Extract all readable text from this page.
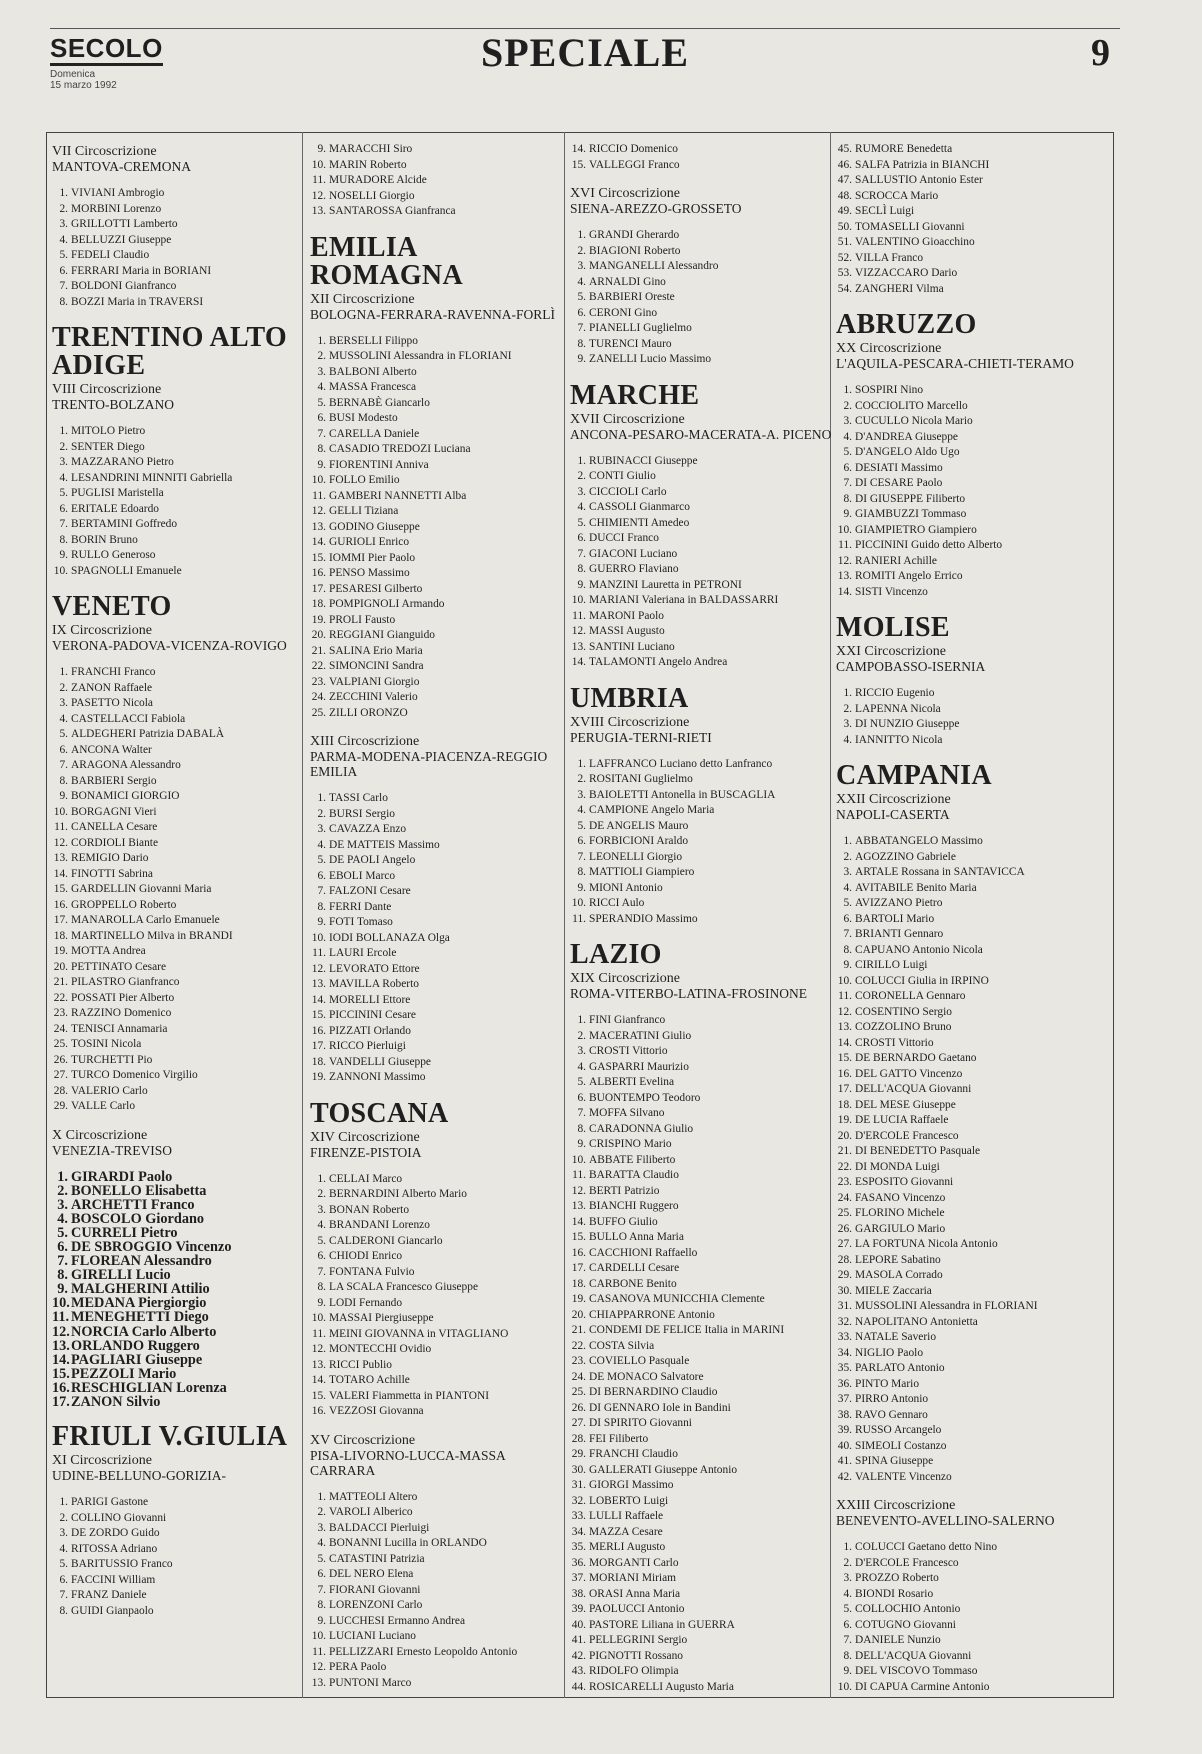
SECOLO
Domenica
15 marzo 1992
SPECIALE	9
VII Circoscrizione
MANTOVA-CREMONA
1. VIVIANI Ambrogio
2. MORBINI Lorenzo
3. GRILLOTTI Lamberto
4. BELLUZZI Giuseppe
5. FEDELI Claudio
6. FERRARI Maria in BORIANI
7. BOLDONI Gianfranco
8. BOZZI Maria in TRAVERSI
TRENTINO ALTO ADIGE
VIII Circoscrizione
TRENTO-BOLZANO
1. MITOLO Pietro
2. SENTER Diego
3. MAZZARANO Pietro
4. LESANDRINI MINNITI Gabriella
5. PUGLISI Maristella
6. ERITALE Edoardo
7. BERTAMINI Goffredo
8. BORIN Bruno
9. RULLO Generoso
10. SPAGNOLLI Emanuele
VENETO
IX Circoscrizione
VERONA-PADOVA-VICENZA-ROVIGO
1. FRANCHI Franco
2. ZANON Raffaele
3. PASETTO Nicola
4. CASTELLACCI Fabiola
5. ALDEGHERI Patrizia DABALÀ
6. ANCONA Walter
7. ARAGONA Alessandro
8. BARBIERI Sergio
9. BONAMICI GIORGIO
10. BORGAGNI Vieri
11. CANELLA Cesare
12. CORDIOLI Biante
13. REMIGIO Dario
14. FINOTTI Sabrina
15. GARDELLIN Giovanni Maria
16. GROPPELLO Roberto
17. MANAROLLA Carlo Emanuele
18. MARTINELLO Milva in BRANDI
19. MOTTA Andrea
20. PETTINATO Cesare
21. PILASTRO Gianfranco
22. POSSATI Pier Alberto
23. RAZZINO Domenico
24. TENISCI Annamaria
25. TOSINI Nicola
26. TURCHETTI Pio
27. TURCO Domenico Virgilio
28. VALERIO Carlo
29. VALLE Carlo
X Circoscrizione
VENEZIA-TREVISO
1. GIRARDI Paolo
2. BONELLO Elisabetta
3. ARCHETTI Franco
4. BOSCOLO Giordano
5. CURRELI Pietro
6. DE SBROGGIO Vincenzo
7. FLOREAN Alessandro
8. GIRELLI Lucio
9. MALGHERINI Attilio
10.MEDANA Piergiorgio
11. MENEGHETTI Diego
12.NORCIA Carlo Alberto
13.ORLANDO Ruggero
14.PAGLIARI Giuseppe
15.PEZZOLI Mario
16.RESCHIGLIAN Lorenza
17.ZANON Silvio
FRIULI V.GIULIA
XI Circoscrizione
UDINE-BELLUNO-GORIZIA-
1. PARIGI Gastone
2. COLLINO Giovanni
3. DE ZORDO Guido
4. RITOSSA Adriano
5. BARITUSSIO Franco
6. FACCINI William
7. FRANZ Daniele
8. GUIDI Gianpaolo
9. MARACCHI Siro
10. MARIN Roberto
11. MURADORE Alcide
12. NOSELLI Giorgio
13. SANTAROSSA Gianfranca
EMILIA ROMAGNA
XII Circoscrizione
BOLOGNA-FERRARA-RAVENNA-FORLÌ
1. BERSELLI Filippo
2. MUSSOLINI Alessandra in FLORIANI
3. BALBONI Alberto
4. MASSA Francesca
5. BERNABÈ Giancarlo
6. BUSI Modesto
7. CARELLA Daniele
8. CASADIO TREDOZI Luciana
9. FIORENTINI Anniva
10. FOLLO Emilio
11. GAMBERI NANNETTI Alba
12. GELLI Tiziana
13. GODINO Giuseppe
14. GURIOLI Enrico
15. IOMMI Pier Paolo
16. PENSO Massimo
17. PESARESI Gilberto
18. POMPIGNOLI Armando
19. PROLI Fausto
20. REGGIANI Gianguido
21. SALINA Erio Maria
22. SIMONCINI Sandra
23. VALPIANI Giorgio
24. ZECCHINI Valerio
25. ZILLI ORONZO
XIII Circoscrizione
PARMA-MODENA-PIACENZA-REGGIO EMILIA
1. TASSI Carlo
2. BURSI Sergio
3. CAVAZZA Enzo
4. DE MATTEIS Massimo
5. DE PAOLI Angelo
6. EBOLI Marco
7. FALZONI Cesare
8. FERRI Dante
9. FOTI Tomaso
10. IODI BOLLANAZA Olga
11. LAURI Ercole
12. LEVORATO Ettore
13. MAVILLA Roberto
14. MORELLI Ettore
15. PICCININI Cesare
16. PIZZATI Orlando
17. RICCO Pierluigi
18. VANDELLI Giuseppe
19. ZANNONI Massimo
TOSCANA
XIV Circoscrizione
FIRENZE-PISTOIA
1. CELLAI Marco
2. BERNARDINI Alberto Mario
3. BONAN Roberto
4. BRANDANI Lorenzo
5. CALDERONI Giancarlo
6. CHIODI Enrico
7. FONTANA Fulvio
8. LA SCALA Francesco Giuseppe
9. LODI Fernando
10. MASSAI Piergiuseppe
11. MEINI GIOVANNA in VITAGLIANO
12. MONTECCHI Ovidio
13. RICCI Publio
14. TOTARO Achille
15. VALERI Fiammetta in PIANTONI
16. VEZZOSI Giovanna
XV Circoscrizione
PISA-LIVORNO-LUCCA-MASSA CARRARA
1. MATTEOLI Altero
2. VAROLI Alberico
3. BALDACCI Pierluigi
4. BONANNI Lucilla in ORLANDO
5. CATASTINI Patrizia
6. DEL NERO Elena
7. FIORANI Giovanni
8. LORENZONI Carlo
9. LUCCHESI Ermanno Andrea
10. LUCIANI Luciano
11. PELLIZZARI Ernesto Leopoldo Antonio
12. PERA Paolo
13. PUNTONI Marco
14. RICCIO Domenico
15. VALLEGGI Franco
XVI Circoscrizione
SIENA-AREZZO-GROSSETO
1. GRANDI Gherardo
2. BIAGIONI Roberto
3. MANGANELLI Alessandro
4. ARNALDI Gino
5. BARBIERI Oreste
6. CERONI Gino
7. PIANELLI Guglielmo
8. TURENCI Mauro
9. ZANELLI Lucio Massimo
MARCHE
XVII Circoscrizione
ANCONA-PESARO-MACERATA-A. PICENO
1. RUBINACCI Giuseppe
2. CONTI Giulio
3. CICCIOLI Carlo
4. CASSOLI Gianmarco
5. CHIMIENTI Amedeo
6. DUCCI Franco
7. GIACONI Luciano
8. GUERRO Flaviano
9. MANZINI Lauretta in PETRONI
10. MARIANI Valeriana in BALDASSARRI
11. MARONI Paolo
12. MASSI Augusto
13. SANTINI Luciano
14. TALAMONTI Angelo Andrea
UMBRIA
XVIII Circoscrizione
PERUGIA-TERNI-RIETI
1. LAFFRANCO Luciano detto Lanfranco
2. ROSITANI Guglielmo
3. BAIOLETTI Antonella in BUSCAGLIA
4. CAMPIONE Angelo Maria
5. DE ANGELIS Mauro
6. FORBICIONI Araldo
7. LEONELLI Giorgio
8. MATTIOLI Giampiero
9. MIONI Antonio
10. RICCI Aulo
11. SPERANDIO Massimo
LAZIO
XIX Circoscrizione
ROMA-VITERBO-LATINA-FROSINONE
1. FINI Gianfranco
2. MACERATINI Giulio
3. CROSTI Vittorio
4. GASPARRI Maurizio
5. ALBERTI Evelina
6. BUONTEMPO Teodoro
7. MOFFA Silvano
8. CARADONNA Giulio
9. CRISPINO Mario
10. ABBATE Filiberto
11. BARATTA Claudio
12. BERTI Patrizio
13. BIANCHI Ruggero
14. BUFFO Giulio
15. BULLO Anna Maria
16. CACCHIONI Raffaello
17. CARDELLI Cesare
18. CARBONE Benito
19. CASANOVA MUNICCHIA Clemente
20. CHIAPPARRONE Antonio
21. CONDEMI DE FELICE Italia in MARINI
22. COSTA Silvia
23. COVIELLO Pasquale
24. DE MONACO Salvatore
25. DI BERNARDINO Claudio
26. DI GENNARO Iole in Bandini
27. DI SPIRITO Giovanni
28. FEI Filiberto
29. FRANCHI Claudio
30. GALLERATI Giuseppe Antonio
31. GIORGI Massimo
32. LOBERTO Luigi
33. LULLI Raffaele
34. MAZZA Cesare
35. MERLI Augusto
36. MORGANTI Carlo
37. MORIANI Miriam
38. ORASI Anna Maria
39. PAOLUCCI Antonio
40. PASTORE Liliana in GUERRA
41. PELLEGRINI Sergio
42. PIGNOTTI Rossano
43. RIDOLFO Olimpia
44. ROSICARELLI Augusto Maria
45. RUMORE Benedetta
46. SALFA Patrizia in BIANCHI
47. SALLUSTIO Antonio Ester
48. SCROCCA Mario
49. SECLÌ Luigi
50. TOMASELLI Giovanni
51. VALENTINO Gioacchino
52. VILLA Franco
53. VIZZACCARO Dario
54. ZANGHERI Vilma
ABRUZZO
XX Circoscrizione
L'AQUILA-PESCARA-CHIETI-TERAMO
1. SOSPIRI Nino
2. COCCIOLITO Marcello
3. CUCULLO Nicola Mario
4. D'ANDREA Giuseppe
5. D'ANGELO Aldo Ugo
6. DESIATI Massimo
7. DI CESARE Paolo
8. DI GIUSEPPE Filiberto
9. GIAMBUZZI Tommaso
10. GIAMPIETRO Giampiero
11. PICCININI Guido detto Alberto
12. RANIERI Achille
13. ROMITI Angelo Errico
14. SISTI Vincenzo
MOLISE
XXI Circoscrizione
CAMPOBASSO-ISERNIA
1. RICCIO Eugenio
2. LAPENNA Nicola
3. DI NUNZIO Giuseppe
4. IANNITTO Nicola
CAMPANIA
XXII Circoscrizione
NAPOLI-CASERTA
1. ABBATANGELO Massimo
2. AGOZZINO Gabriele
3. ARTALE Rossana in SANTAVICCA
4. AVITABILE Benito Maria
5. AVIZZANO Pietro
6. BARTOLI Mario
7. BRIANTI Gennaro
8. CAPUANO Antonio Nicola
9. CIRILLO Luigi
10. COLUCCI Giulia in IRPINO
11. CORONELLA Gennaro
12. COSENTINO Sergio
13. COZZOLINO Bruno
14. CROSTI Vittorio
15. DE BERNARDO Gaetano
16. DEL GATTO Vincenzo
17. DELL'ACQUA Giovanni
18. DEL MESE Giuseppe
19. DE LUCIA Raffaele
20. D'ERCOLE Francesco
21. DI BENEDETTO Pasquale
22. DI MONDA Luigi
23. ESPOSITO Giovanni
24. FASANO Vincenzo
25. FLORINO Michele
26. GARGIULO Mario
27. LA FORTUNA Nicola Antonio
28. LEPORE Sabatino
29. MASOLA Corrado
30. MIELE Zaccaria
31. MUSSOLINI Alessandra in FLORIANI
32. NAPOLITANO Antonietta
33. NATALE Saverio
34. NIGLIO Paolo
35. PARLATO Antonio
36. PINTO Mario
37. PIRRO Antonio
38. RAVO Gennaro
39. RUSSO Arcangelo
40. SIMEOLI Costanzo
41. SPINA Giuseppe
42. VALENTE Vincenzo
XXIII Circoscrizione
BENEVENTO-AVELLINO-SALERNO
1. COLUCCI Gaetano detto Nino
2. D'ERCOLE Francesco
3. PROZZO Roberto
4. BIONDI Rosario
5. COLLOCHIO Antonio
6. COTUGNO Giovanni
7. DANIELE Nunzio
8. DELL'ACQUA Giovanni
9. DEL VISCOVO Tommaso
10. DI CAPUA Carmine Antonio
